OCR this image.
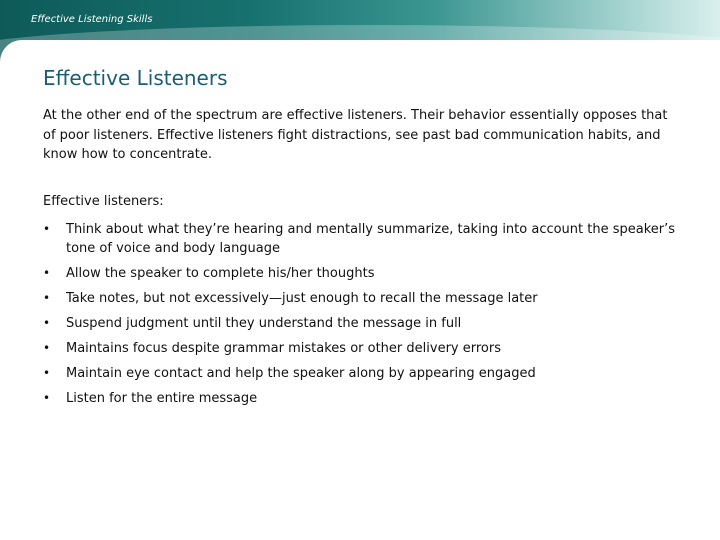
Effective Listening Skills
Effective Listeners

At the other end of the spectrum are effective listeners. Their behavior essentially opposes that of poor listeners. Effective listeners fight distractions, see past bad communication habits, and know how to concentrate.

Effective listeners:

• Think about what they’re hearing and mentally summarize, taking into account the speaker’s tone of voice and body language
• Allow the speaker to complete his/her thoughts
• Take notes, but not excessively—just enough to recall the message later
• Suspend judgment until they understand the message in full
• Maintains focus despite grammar mistakes or other delivery errors
• Maintain eye contact and help the speaker along by appearing engaged
• Listen for the entire message
